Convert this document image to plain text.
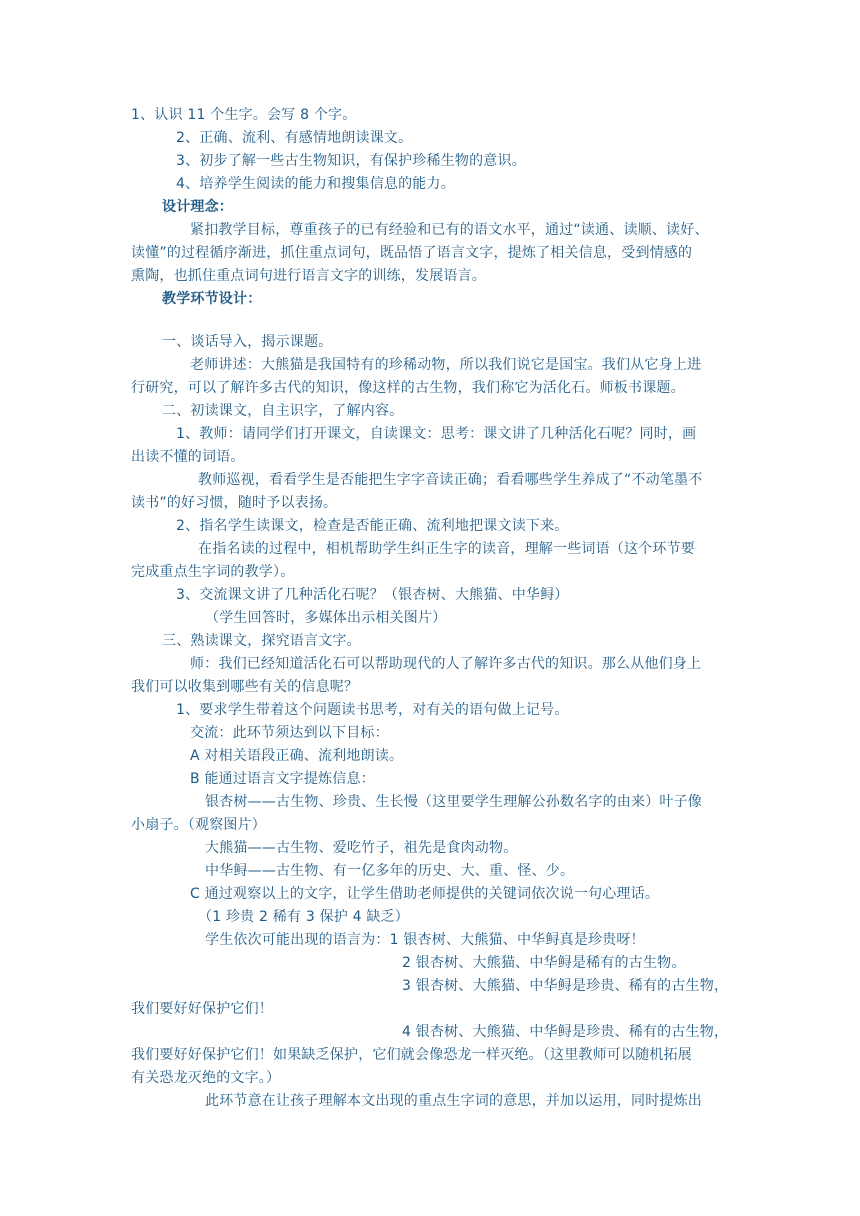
1、认识 11 个生字。会写 8 个字。
2、正确、流利、有感情地朗读课文。
3、初步了解一些古生物知识，有保护珍稀生物的意识。
4、培养学生阅读的能力和搜集信息的能力。
设计理念：
紧扣教学目标，尊重孩子的已有经验和已有的语文水平，通过“读通、读顺、读好、
读懂”的过程循序渐进，抓住重点词句，既品悟了语言文字，提炼了相关信息，受到情感的
熏陶，也抓住重点词句进行语言文字的训练，发展语言。
教学环节设计：
一、谈话导入，揭示课题。
老师讲述：大熊猫是我国特有的珍稀动物，所以我们说它是国宝。我们从它身上进
行研究，可以了解许多古代的知识，像这样的古生物，我们称它为活化石。师板书课题。
二、初读课文，自主识字，了解内容。
1、教师：请同学们打开课文，自读课文：思考：课文讲了几种活化石呢？同时，画
出读不懂的词语。
教师巡视，看看学生是否能把生字字音读正确；看看哪些学生养成了“不动笔墨不
读书”的好习惯，随时予以表扬。
2、指名学生读课文，检查是否能正确、流利地把课文读下来。
在指名读的过程中，相机帮助学生纠正生字的读音，理解一些词语（这个环节要
完成重点生字词的教学）。
3、交流课文讲了几种活化石呢？（银杏树、大熊猫、中华鲟）
（学生回答时，多媒体出示相关图片）
三、熟读课文，探究语言文字。
师：我们已经知道活化石可以帮助现代的人了解许多古代的知识。那么从他们身上
我们可以收集到哪些有关的信息呢？
1、要求学生带着这个问题读书思考，对有关的语句做上记号。
交流：此环节须达到以下目标：
A 对相关语段正确、流利地朗读。
B 能通过语言文字提炼信息：
银杏树——古生物、珍贵、生长慢（这里要学生理解公孙数名字的由来）叶子像
小扇子。（观察图片）
大熊猫——古生物、爱吃竹子，祖先是食肉动物。
中华鲟——古生物、有一亿多年的历史、大、重、怪、少。
C 通过观察以上的文字，让学生借助老师提供的关键词依次说一句心理话。
（1 珍贵 2 稀有 3 保护 4 缺乏）
学生依次可能出现的语言为：1 银杏树、大熊猫、中华鲟真是珍贵呀！
2 银杏树、大熊猫、中华鲟是稀有的古生物。
3 银杏树、大熊猫、中华鲟是珍贵、稀有的古生物，
我们要好好保护它们！
4 银杏树、大熊猫、中华鲟是珍贵、稀有的古生物，
我们要好好保护它们！如果缺乏保护，它们就会像恐龙一样灭绝。（这里教师可以随机拓展
有关恐龙灭绝的文字。）
此环节意在让孩子理解本文出现的重点生字词的意思，并加以运用，同时提炼出
